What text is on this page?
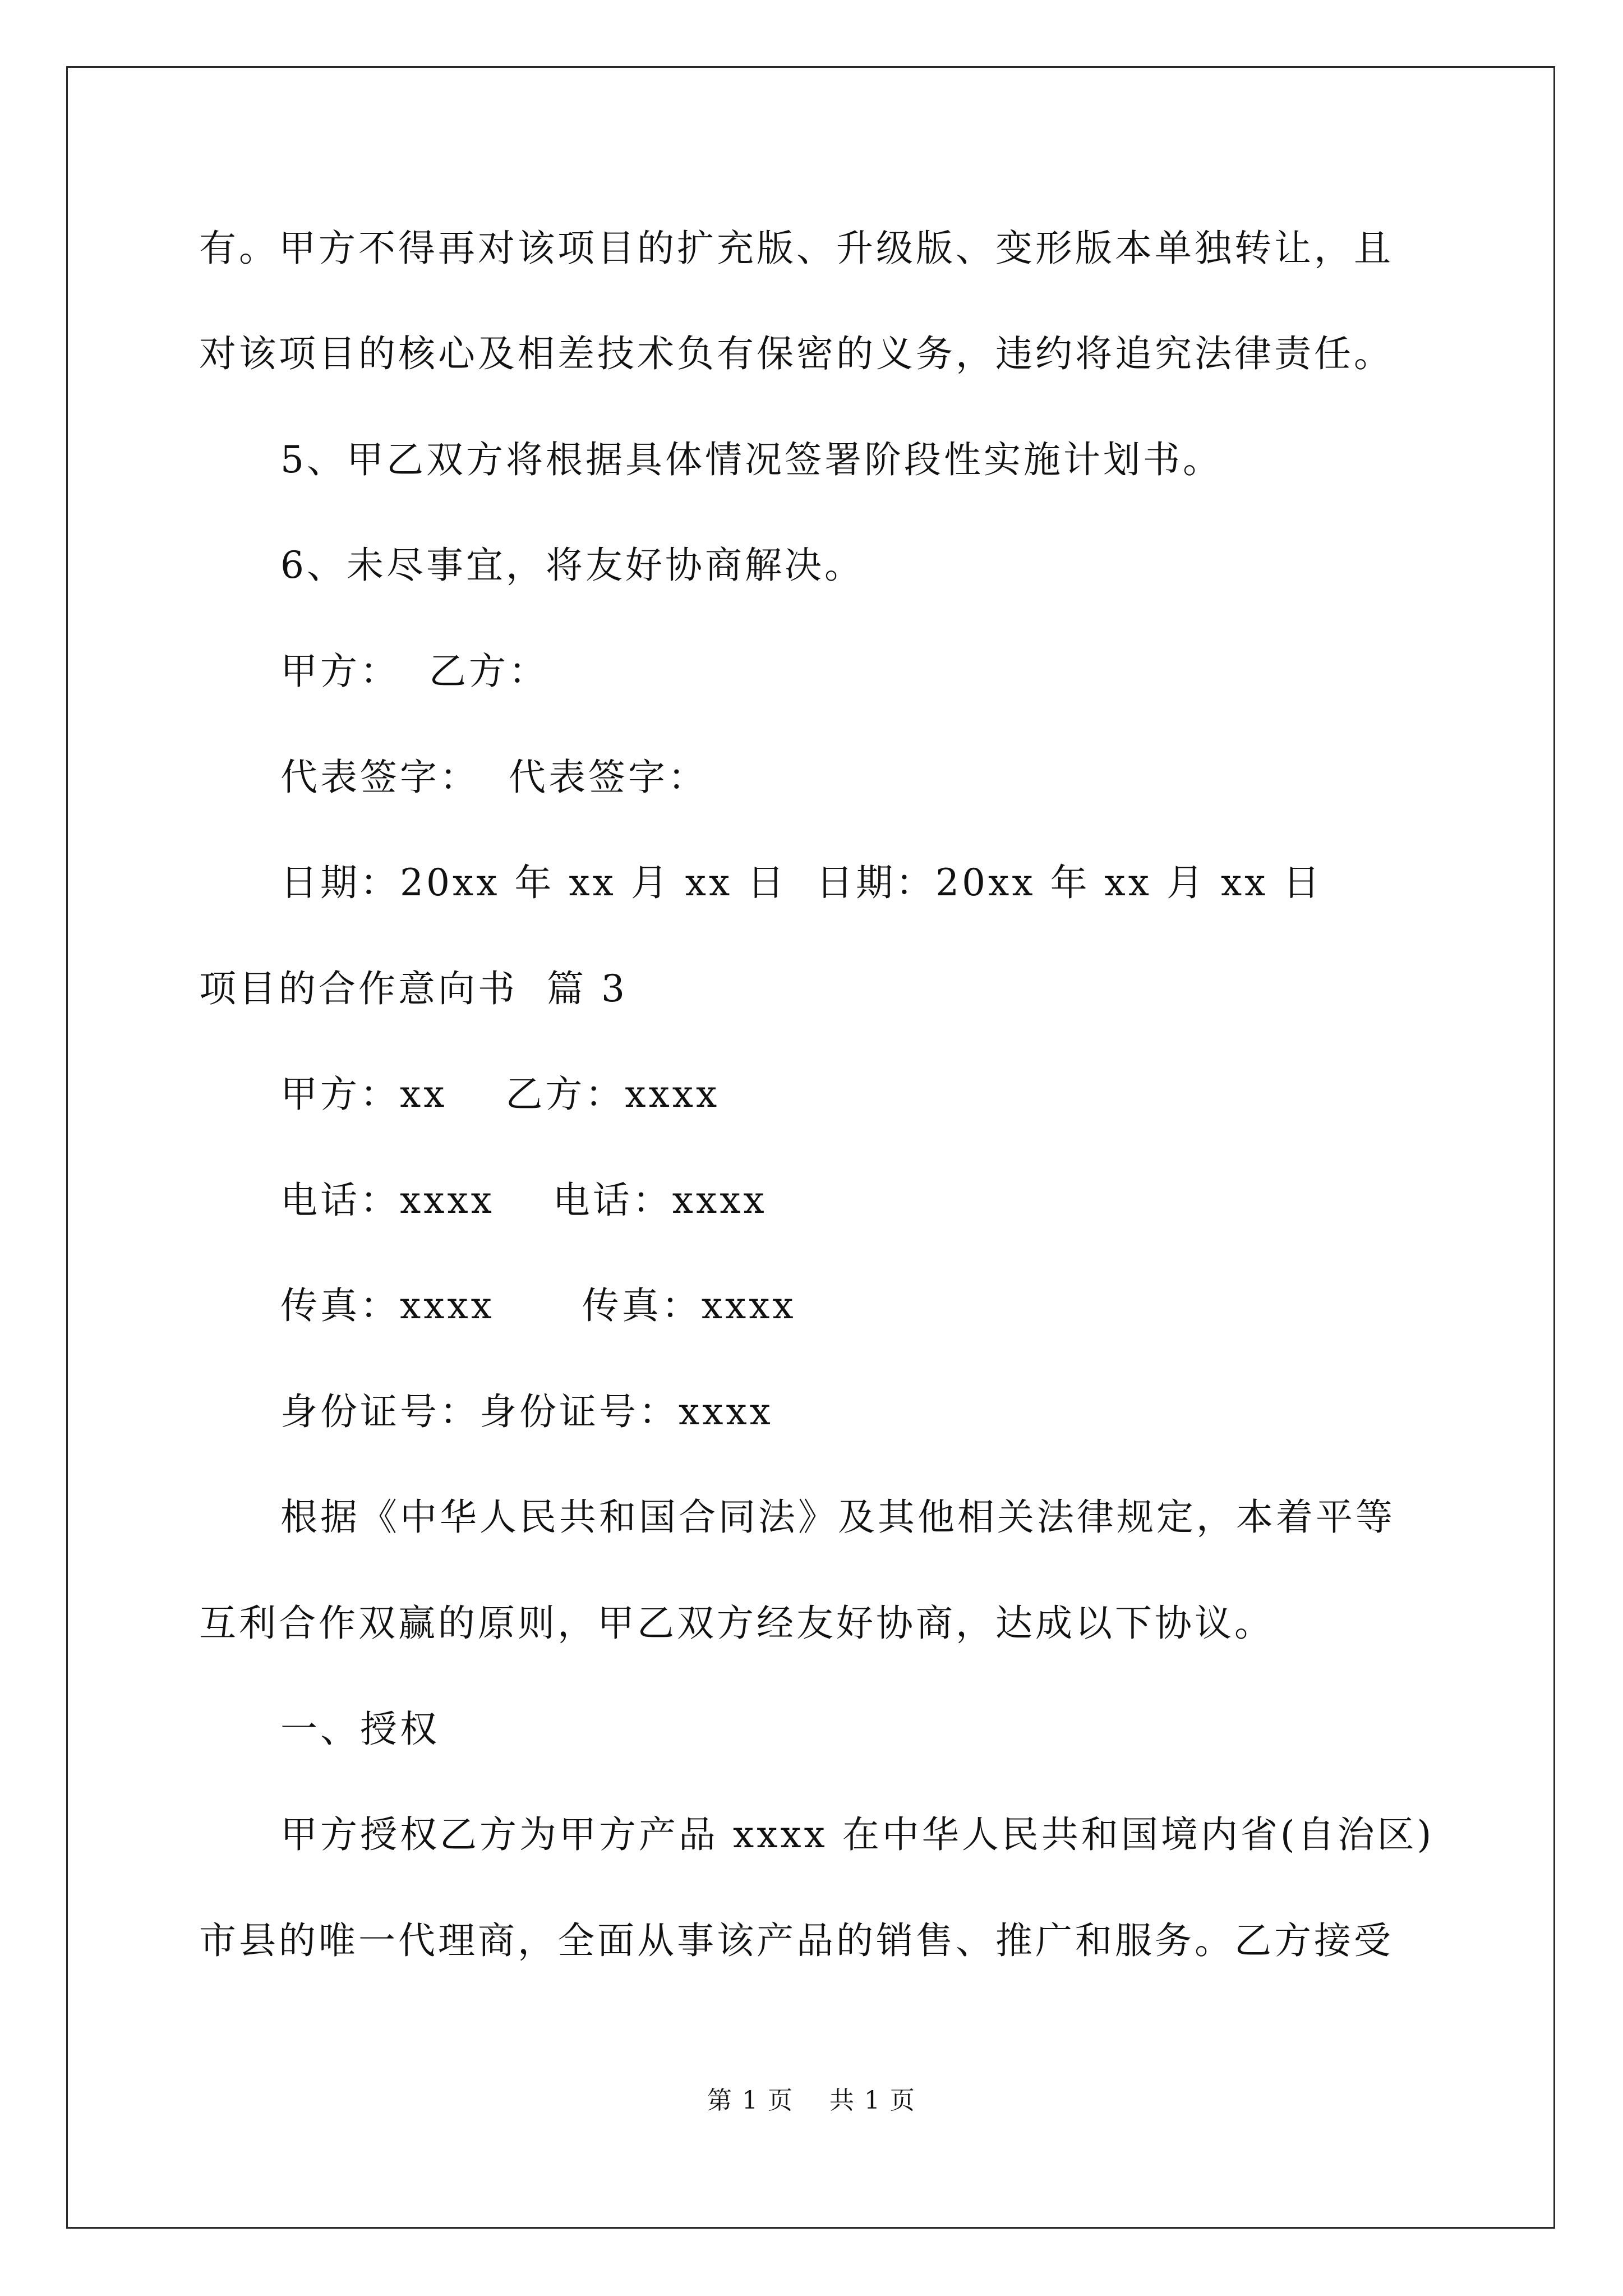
有。甲方不得再对该项目的扩充版、升级版、变形版本单独转让，且
对该项目的核心及相差技术负有保密的义务，违约将追究法律责任。
5、甲乙双方将根据具体情况签署阶段性实施计划书。
6、未尽事宜，将友好协商解决。
甲方：  乙方：
代表签字：  代表签字：
日期：20xx 年 xx 月 xx 日  日期：20xx 年 xx 月 xx 日
项目的合作意向书  篇 3
甲方：xx    乙方：xxxx
电话：xxxx    电话：xxxx
传真：xxxx      传真：xxxx
身份证号：身份证号：xxxx
根据《中华人民共和国合同法》及其他相关法律规定，本着平等
互利合作双赢的原则，甲乙双方经友好协商，达成以下协议。
一、授权
甲方授权乙方为甲方产品 xxxx 在中华人民共和国境内省(自治区)
市县的唯一代理商，全面从事该产品的销售、推广和服务。乙方接受
第 1 页    共 1 页
